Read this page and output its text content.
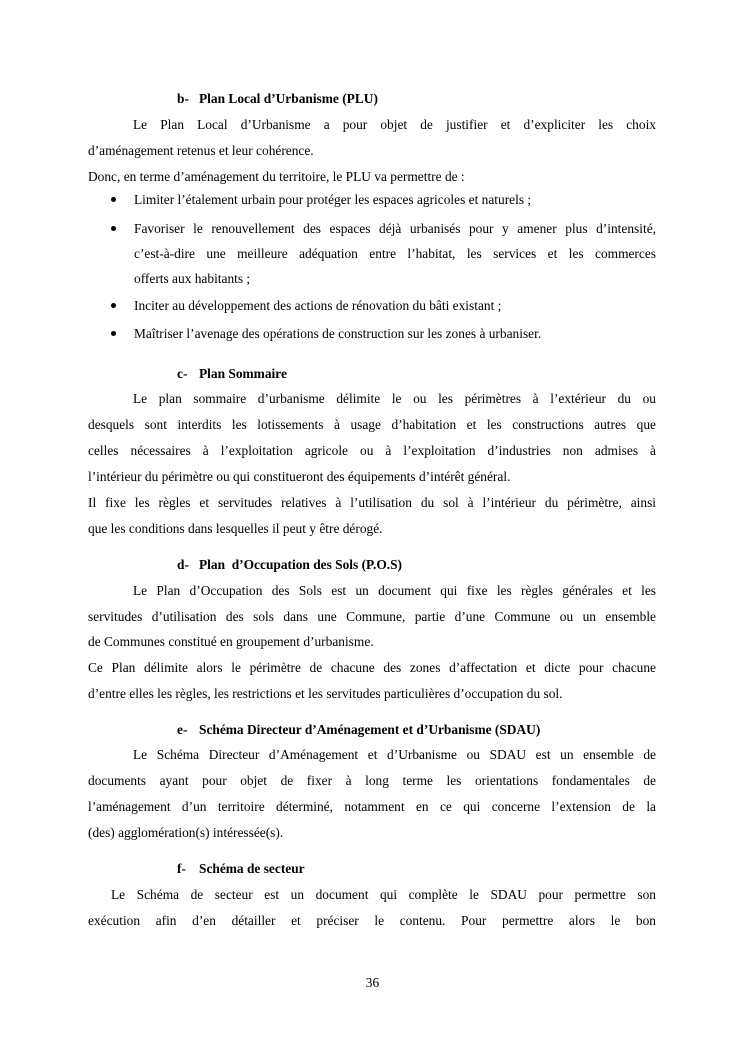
b- Plan Local d’Urbanisme (PLU)
Le Plan Local d’Urbanisme a pour objet de justifier et d’expliciter les choix
d’aménagement retenus et leur cohérence.
Donc, en terme d’aménagement du territoire, le PLU va permettre de :
Limiter l’étalement urbain pour protéger les espaces agricoles et naturels ;
Favoriser le renouvellement des espaces déjà urbanisés pour y amener plus d’intensité,
c’est-à-dire une meilleure adéquation entre l’habitat, les services et les commerces
offerts aux habitants ;
Inciter au développement des actions de rénovation du bâti existant ;
Maîtriser l’avenage des opérations de construction sur les zones à urbaniser.
c- Plan Sommaire
Le plan sommaire d’urbanisme délimite le ou les périmètres à l’extérieur du ou
desquels sont interdits les lotissements à usage d’habitation et les constructions autres que
celles nécessaires à l’exploitation agricole ou à l’exploitation d’industries non admises à
l’intérieur du périmètre ou qui constitueront des équipements d’intérêt général.
Il fixe les règles et servitudes relatives à l’utilisation du sol à l’intérieur du périmètre, ainsi
que les conditions dans lesquelles il peut y être dérogé.
d- Plan  d’Occupation des Sols (P.O.S)
Le Plan d’Occupation des Sols est un document qui fixe les règles générales et les
servitudes d’utilisation des sols dans une Commune, partie d’une Commune ou un ensemble
de Communes constitué en groupement d’urbanisme.
Ce Plan délimite alors le périmètre de chacune des zones d’affectation et dicte pour chacune
d’entre elles les règles, les restrictions et les servitudes particulières d’occupation du sol.
e- Schéma Directeur d’Aménagement et d’Urbanisme (SDAU)
Le Schéma Directeur d’Aménagement et d’Urbanisme ou SDAU est un ensemble de
documents ayant pour objet de fixer à long terme les orientations fondamentales de
l’aménagement d’un territoire déterminé, notamment en ce qui concerne l’extension de la
(des) agglomération(s) intéressée(s).
f- Schéma de secteur
Le Schéma de secteur est un document qui complète le SDAU pour permettre son
exécution afin d’en détailler et préciser le contenu. Pour permettre alors le bon
36
